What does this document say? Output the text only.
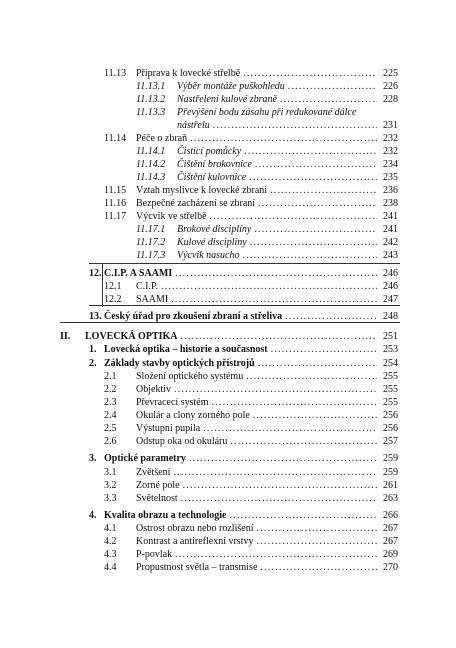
11.13 Příprava k lovecké střelbě .....	225
11.13.1	Výběr montáže puškohledu .....	226
11.13.2	Nastřelení kulové zbraně .....	228
11.13.3	Převýšení bodu zásahu při redukované dálce
nástřelu .....	231
11.14 Péče o zbraň .....	232
11.14.1	Čisticí pomůcky .....	232
11.14.2	Čištění brokovnice .....	234
11.14.3	Čištění kulovnice .....	235
11.15 Vztah myslivce k lovecké zbrani .....	236
11.16 Bezpečné zacházení se zbraní .....	238
11.17 Výcvik ve střelbě .....	241
11.17.1	Brokové disciplíny .....	241
11.17.2	Kulové disciplíny .....	242
11.17.3	Výcvik nasucho .....	243
12. C.I.P. A SAAMI .....	246
12.1	C.I.P. .....	246
12.2	SAAMI .....	247
13. Český úřad pro zkoušení zbraní a střeliva .....	248
II.	LOVECKÁ OPTIKA .....	251
1. Lovecká optika – historie a současnost .....	253
2. Základy stavby optických přístrojů .....	254
2.1	Složení optického systému .....	255
2.2	Objektiv .....	255
2.3	Převracecí systém .....	255
2.4	Okulár a clony zorného pole .....	256
2.5	Výstupní pupila .....	256
2.6	Odstup oka od okuláru .....	257
3. Optické parametry .....	259
3.1	Zvětšení .....	259
3.2	Zorné pole .....	261
3.3	Světelnost .....	263
4. Kvalita obrazu a technologie .....	266
4.1	Ostrost obrazu nebo rozlišení .....	267
4.2	Kontrast a antireflexní vrstvy .....	267
4.3	P-povlak .....	269
4.4	Propustnost světla – transmise .....	270
